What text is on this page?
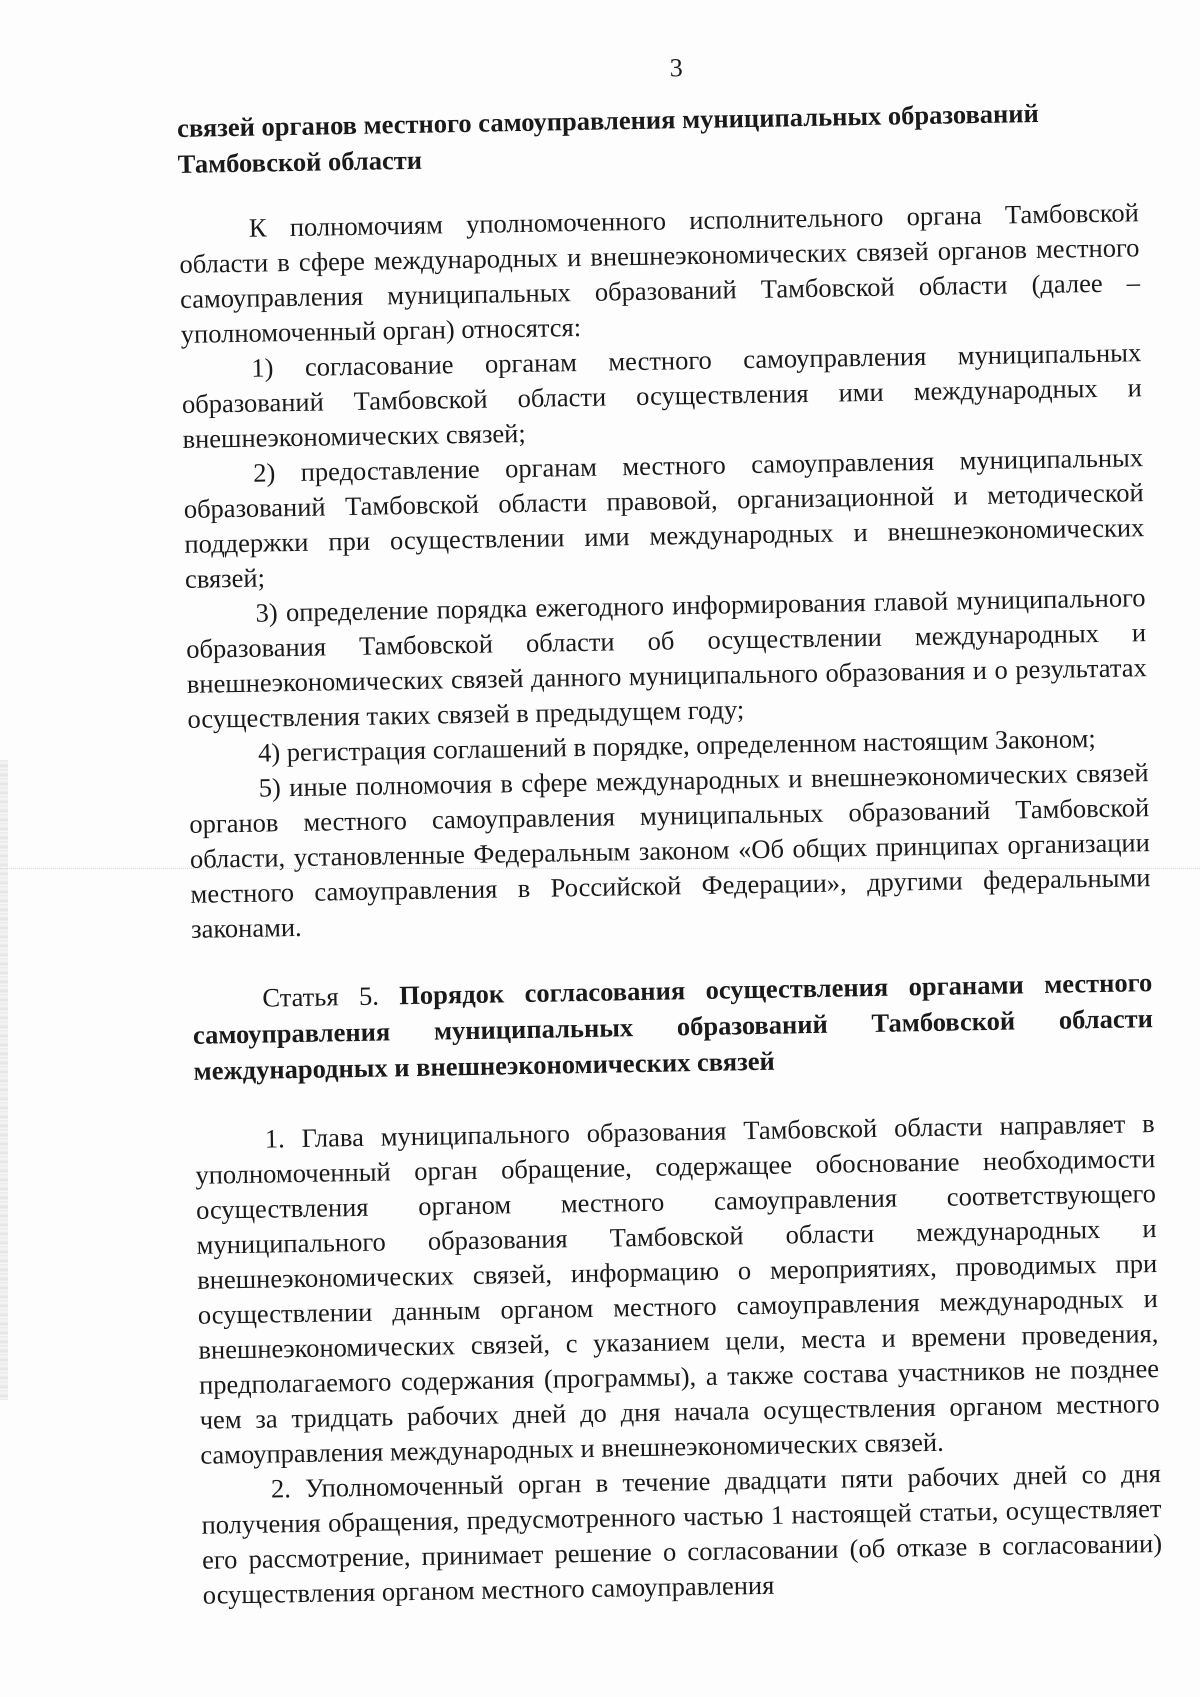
3

связей органов местного самоуправления муниципальных образований Тамбовской области

К полномочиям уполномоченного исполнительного органа Тамбовской области в сфере международных и внешнеэкономических связей органов местного самоуправления муниципальных образований Тамбовской области (далее – уполномоченный орган) относятся:

1) согласование органам местного самоуправления муниципальных образований Тамбовской области осуществления ими международных и внешнеэкономических связей;
2) предоставление органам местного самоуправления муниципальных образований Тамбовской области правовой, организационной и методической поддержки при осуществлении ими международных и внешнеэкономических связей;
3) определение порядка ежегодного информирования главой муниципального образования Тамбовской области об осуществлении международных и внешнеэкономических связей данного муниципального образования и о результатах осуществления таких связей в предыдущем году;
4) регистрация соглашений в порядке, определенном настоящим Законом;
5) иные полномочия в сфере международных и внешнеэкономических связей органов местного самоуправления муниципальных образований Тамбовской области, установленные Федеральным законом «Об общих принципах организации местного самоуправления в Российской Федерации», другими федеральными законами.

Статья 5. Порядок согласования осуществления органами местного самоуправления муниципальных образований Тамбовской области международных и внешнеэкономических связей

1. Глава муниципального образования Тамбовской области направляет в уполномоченный орган обращение, содержащее обоснование необходимости осуществления органом местного самоуправления соответствующего муниципального образования Тамбовской области международных и внешнеэкономических связей, информацию о мероприятиях, проводимых при осуществлении данным органом местного самоуправления международных и внешнеэкономических связей, с указанием цели, места и времени проведения, предполагаемого содержания (программы), а также состава участников не позднее чем за тридцать рабочих дней до дня начала осуществления органом местного самоуправления международных и внешнеэкономических связей.

2. Уполномоченный орган в течение двадцати пяти рабочих дней со дня получения обращения, предусмотренного частью 1 настоящей статьи, осуществляет его рассмотрение, принимает решение о согласовании (об отказе в согласовании) осуществления органом местного самоуправления
